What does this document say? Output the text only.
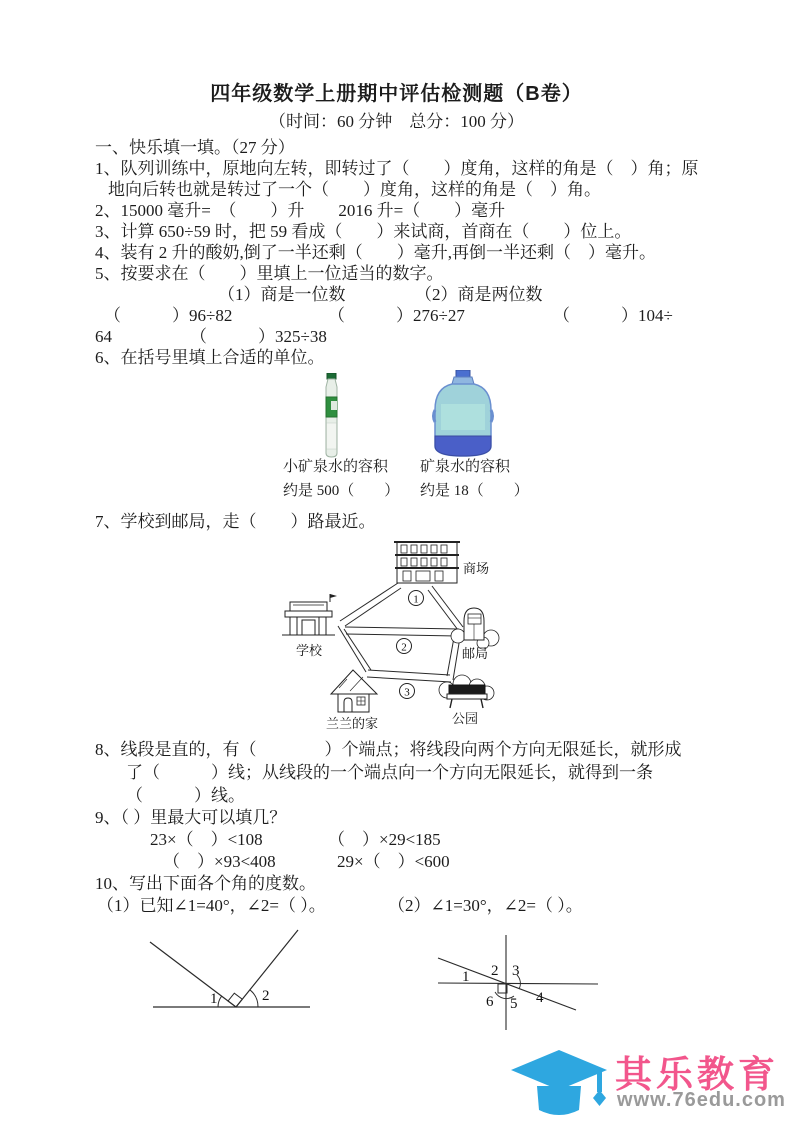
四年级数学上册期中评估检测题（B卷）
（时间：60 分钟　总分：100 分）
一、快乐填一填。（27 分）
1、队列训练中，原地向左转，即转过了（　　）度角，这样的角是（　）角；原
地向后转也就是转过了一个（　　）度角，这样的角是（　）角。
2、15000 毫升=　（　　）升　　2016 升=（　　）毫升
3、计算 650÷59 时，把 59 看成（　　）来试商，首商在（　　）位上。
4、装有 2 升的酸奶,倒了一半还剩（　　）毫升,再倒一半还剩（　）毫升。
5、按要求在（　　）里填上一位适当的数字。
（1）商是一位数	（2）商是两位数
（　　　）96÷82	（　　　）276÷27	（　　　）104÷
64	（　　　）325÷38
6、在括号里填上合适的单位。
小矿泉水的容积
约是 500（　　）
矿泉水的容积
约是 18（　　）
7、学校到邮局，走（　　）路最近。
商场
学校	邮局
兰兰的家	公园
1
2
3
8、线段是直的，有（　　　　）个端点；将线段向两个方向无限延长，就形成
了（　　　）线；从线段的一个端点向一个方向无限延长，就得到一条
（　　　）线。
9、（ ）里最大可以填几？
23×（　）<108	（　）×29<185
（　）×93<408	29×（　）<600
10、写出下面各个角的度数。
（1）已知∠1=40°，∠2=（ ）。	（2）∠1=30°，∠2=（ ）。
1	2
1 2 3
4
5
6
其乐教育
www.76edu.com
